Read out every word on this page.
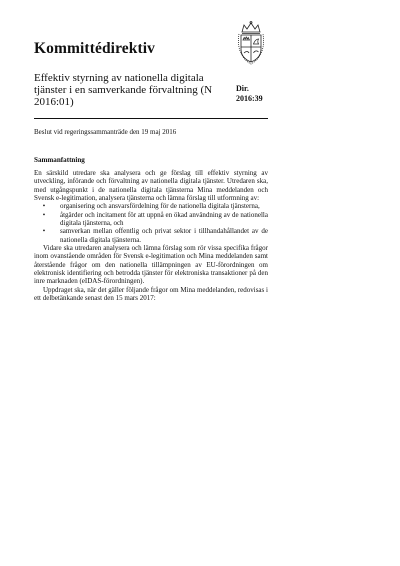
Kommittédirektiv
Effektiv styrning av nationella digitala tjänster i en samverkande förvaltning (N 2016:01)
Dir.
2016:39
Beslut vid regeringssammanträde den 19 maj 2016
Sammanfattning

En särskild utredare ska analysera och ge förslag till effektiv styrning av utveckling, införande och förvaltning av nationella digitala tjänster. Utredaren ska, med utgångspunkt i de nationella digitala tjänsterna Mina meddelanden och Svensk e-legitimation, analysera tjänsterna och lämna förslag till utformning av:

• organisering och ansvarsfördelning för de nationella digitala tjänsterna,
• åtgärder och incitament för att uppnå en ökad användning av de nationella digitala tjänsterna, och
• samverkan mellan offentlig och privat sektor i tillhandahållandet av de nationella digitala tjänsterna.

Vidare ska utredaren analysera och lämna förslag som rör vissa specifika frågor inom ovanstående områden för Svensk e-legitimation och Mina meddelanden samt återstående frågor om den nationella tillämpningen av EU-förordningen om elektronisk identifiering och betrodda tjänster för elektroniska transaktioner på den inre marknaden (eIDAS-förordningen).

Uppdraget ska, när det gäller följande frågor om Mina meddelanden, redovisas i ett delbetänkande senast den 15 mars 2017:
